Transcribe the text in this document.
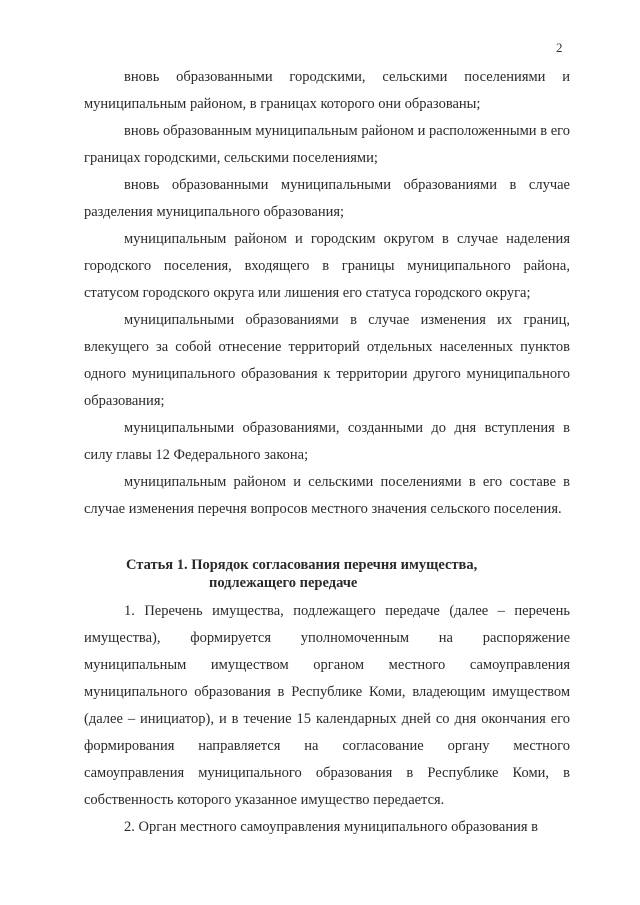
2

вновь образованными городскими, сельскими поселениями и муниципальным районом, в границах которого они образованы;

вновь образованным муниципальным районом и расположенными в его границах городскими, сельскими поселениями;

вновь образованными муниципальными образованиями в случае разделения муниципального образования;

муниципальным районом и городским округом в случае наделения городского поселения, входящего в границы муниципального района, статусом городского округа или лишения его статуса городского округа;

муниципальными образованиями в случае изменения их границ, влекущего за собой отнесение территорий отдельных населенных пунктов одного муниципального образования к территории другого муниципального образования;

муниципальными образованиями, созданными до дня вступления в силу главы 12 Федерального закона;

муниципальным районом и сельскими поселениями в его составе в случае изменения перечня вопросов местного значения сельского поселения.

Статья 1. Порядок согласования перечня имущества,
подлежащего передаче

1. Перечень имущества, подлежащего передаче (далее – перечень имущества), формируется уполномоченным на распоряжение муниципальным имуществом органом местного самоуправления муниципального образования в Республике Коми, владеющим имуществом (далее – инициатор), и в течение 15 календарных дней со дня окончания его формирования направляется на согласование органу местного самоуправления муниципального образования в Республике Коми, в собственность которого указанное имущество передается.

2. Орган местного самоуправления муниципального образования в
